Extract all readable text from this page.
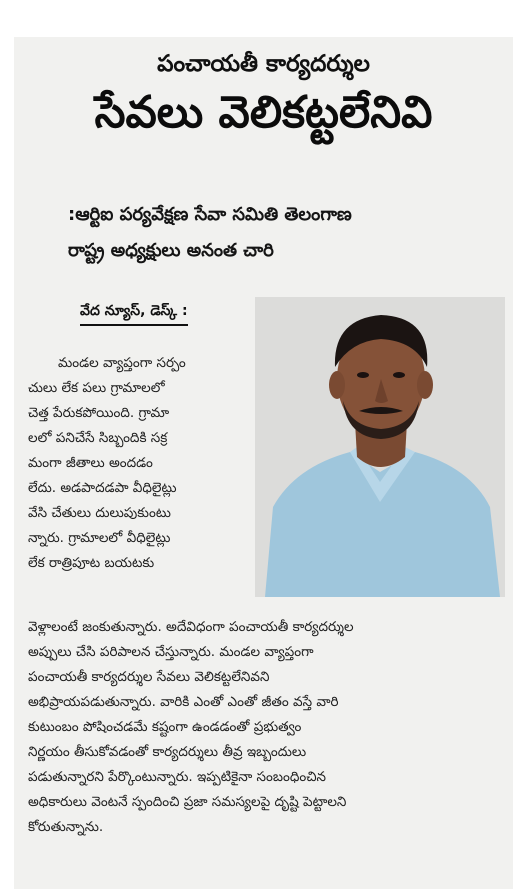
పంచాయతీ కార్యదర్శుల
సేవలు వెలికట్టలేనివి
:ఆర్టిఐ పర్యవేక్షణ సేవా సమితి తెలంగాణ
రాష్ట్ర అధ్యక్షులు అనంత చారి
వేద న్యూస్, డెస్క్ :
మండల వ్యాప్తంగా సర్పం
చులు లేక పలు గ్రామాలలో
చెత్త పేరుకపోయింది. గ్రామా
లలో పనిచేసే సిబ్బందికి సక్ర
మంగా జీతాలు అందడం
లేదు. అడపాదడపా వీధిలైట్లు
వేసి చేతులు దులుపుకుంటు
న్నారు. గ్రామాలలో వీధిలైట్లు
లేక రాత్రిపూట బయటకు
వెళ్లాలంటే జంకుతున్నారు. అదేవిధంగా పంచాయతీ కార్యదర్శుల
అప్పులు చేసి పరిపాలన చేస్తున్నారు. మండల వ్యాప్తంగా
పంచాయతీ కార్యదర్శుల సేవలు వెలికట్టలేనివని
అభిప్రాయపడుతున్నారు. వారికి ఎంతో ఎంతో జీతం వస్తే వారి
కుటుంబం పోషించడమే కష్టంగా ఉండడంతో ప్రభుత్వం
నిర్ణయం తీసుకోవడంతో కార్యదర్శులు తీవ్ర ఇబ్బందులు
పడుతున్నారని పేర్కొంటున్నారు. ఇప్పటికైనా సంబంధించిన
అధికారులు వెంటనే స్పందించి ప్రజా సమస్యలపై దృష్టి పెట్టాలని
కోరుతున్నాను.
